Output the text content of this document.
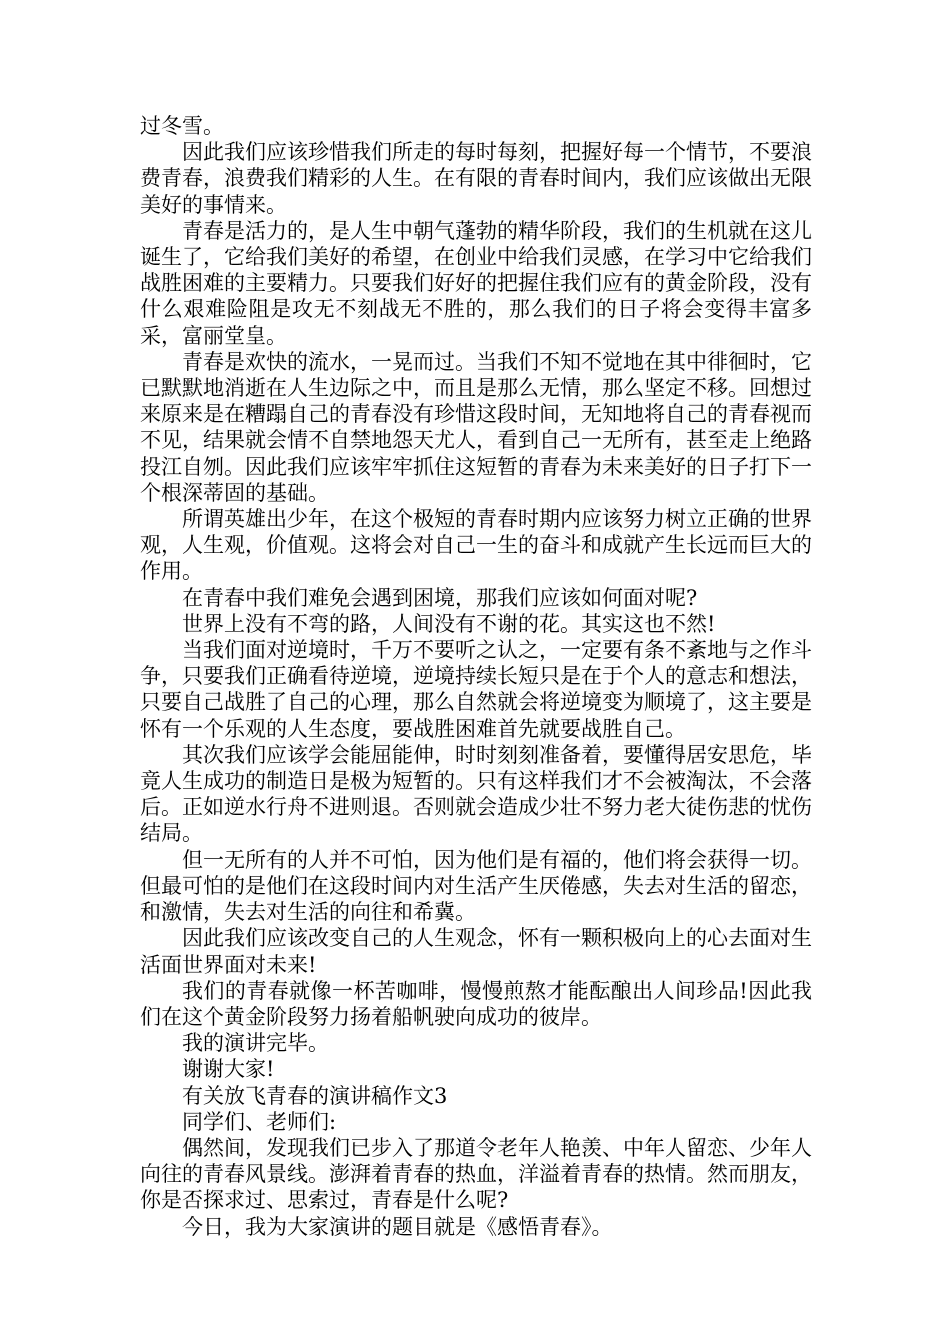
过冬雪。

因此我们应该珍惜我们所走的每时每刻，把握好每一个情节，不要浪费青春，浪费我们精彩的人生。在有限的青春时间内，我们应该做出无限美好的事情来。

青春是活力的，是人生中朝气蓬勃的精华阶段，我们的生机就在这儿诞生了，它给我们美好的希望，在创业中给我们灵感，在学习中它给我们战胜困难的主要精力。只要我们好好的把握住我们应有的黄金阶段，没有什么艰难险阻是攻无不刻战无不胜的，那么我们的日子将会变得丰富多采，富丽堂皇。

青春是欢快的流水，一晃而过。当我们不知不觉地在其中徘徊时，它已默默地消逝在人生边际之中，而且是那么无情，那么坚定不移。回想过来原来是在糟蹋自己的青春没有珍惜这段时间，无知地将自己的青春视而不见，结果就会情不自禁地怨天尤人，看到自己一无所有，甚至走上绝路投江自刎。因此我们应该牢牢抓住这短暂的青春为未来美好的日子打下一个根深蒂固的基础。

所谓英雄出少年，在这个极短的青春时期内应该努力树立正确的世界观，人生观，价值观。这将会对自己一生的奋斗和成就产生长远而巨大的作用。

在青春中我们难免会遇到困境，那我们应该如何面对呢?

世界上没有不弯的路，人间没有不谢的花。其实这也不然!

当我们面对逆境时，千万不要听之认之，一定要有条不紊地与之作斗争，只要我们正确看待逆境，逆境持续长短只是在于个人的意志和想法，只要自己战胜了自己的心理，那么自然就会将逆境变为顺境了，这主要是怀有一个乐观的人生态度，要战胜困难首先就要战胜自己。

其次我们应该学会能屈能伸，时时刻刻准备着，要懂得居安思危，毕竟人生成功的制造日是极为短暂的。只有这样我们才不会被淘汰，不会落后。正如逆水行舟不进则退。否则就会造成少壮不努力老大徒伤悲的忧伤结局。

但一无所有的人并不可怕，因为他们是有福的，他们将会获得一切。但最可怕的是他们在这段时间内对生活产生厌倦感，失去对生活的留恋，和激情，失去对生活的向往和希冀。

因此我们应该改变自己的人生观念，怀有一颗积极向上的心去面对生活面世界面对未来!

我们的青春就像一杯苦咖啡，慢慢煎熬才能酝酿出人间珍品!因此我们在这个黄金阶段努力扬着船帆驶向成功的彼岸。

我的演讲完毕。

谢谢大家!

有关放飞青春的演讲稿作文3

同学们、老师们:

偶然间，发现我们已步入了那道令老年人艳羡、中年人留恋、少年人向往的青春风景线。澎湃着青春的热血，洋溢着青春的热情。然而朋友，你是否探求过、思索过，青春是什么呢?

今日，我为大家演讲的题目就是《感悟青春》。
